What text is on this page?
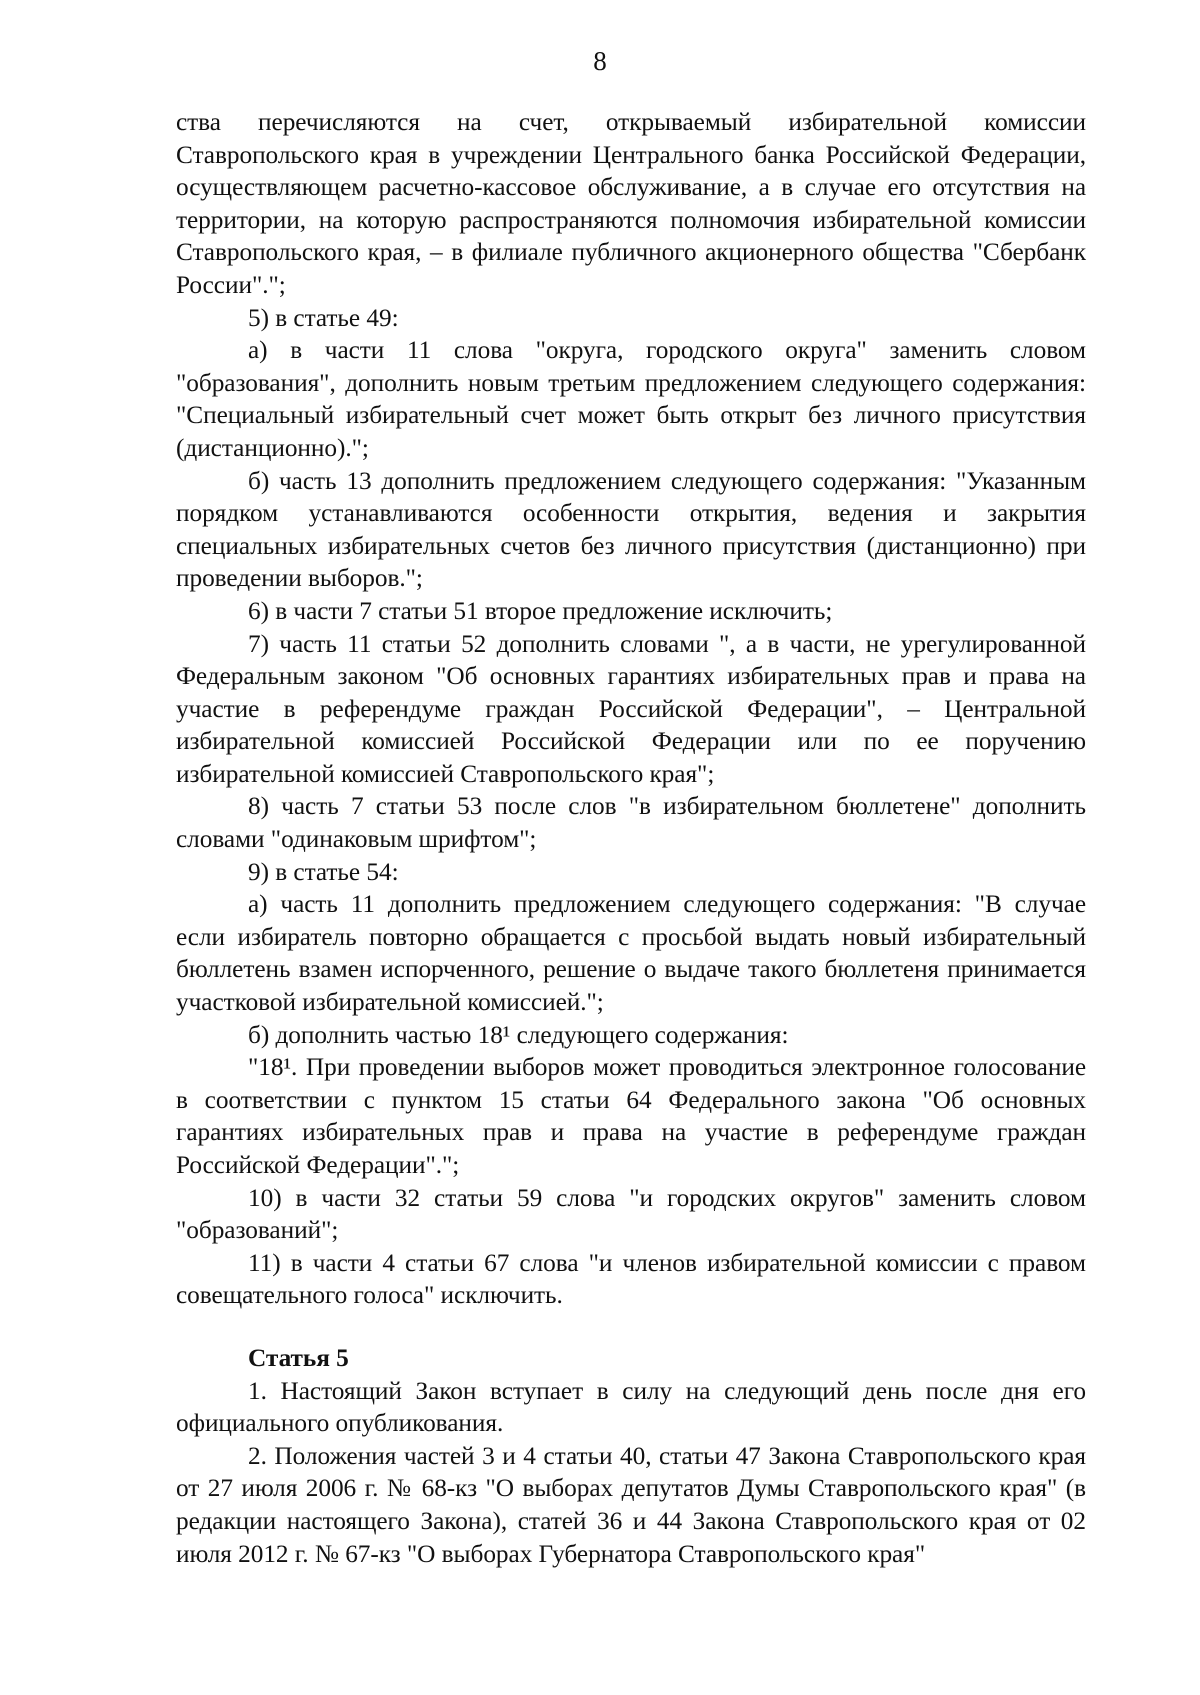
8

ства перечисляются на счет, открываемый избирательной комиссии Ставропольского края в учреждении Центрального банка Российской Федерации, осуществляющем расчетно-кассовое обслуживание, а в случае его отсутствия на территории, на которую распространяются полномочия избирательной комиссии Ставропольского края, – в филиале публичного акционерного общества "Сбербанк России".";

5) в статье 49:

а) в части 11 слова "округа, городского округа" заменить словом "образования", дополнить новым третьим предложением следующего содержания: "Специальный избирательный счет может быть открыт без личного присутствия (дистанционно).";

б) часть 13 дополнить предложением следующего содержания: "Указанным порядком устанавливаются особенности открытия, ведения и закрытия специальных избирательных счетов без личного присутствия (дистанционно) при проведении выборов.";

6) в части 7 статьи 51 второе предложение исключить;

7) часть 11 статьи 52 дополнить словами ", а в части, не урегулированной Федеральным законом "Об основных гарантиях избирательных прав и права на участие в референдуме граждан Российской Федерации", – Центральной избирательной комиссией Российской Федерации или по ее поручению избирательной комиссией Ставропольского края";

8) часть 7 статьи 53 после слов "в избирательном бюллетене" дополнить словами "одинаковым шрифтом";

9) в статье 54:

а) часть 11 дополнить предложением следующего содержания: "В случае если избиратель повторно обращается с просьбой выдать новый избирательный бюллетень взамен испорченного, решение о выдаче такого бюллетеня принимается участковой избирательной комиссией.";

б) дополнить частью 18¹ следующего содержания:

"18¹. При проведении выборов может проводиться электронное голосование в соответствии с пунктом 15 статьи 64 Федерального закона "Об основных гарантиях избирательных прав и права на участие в референдуме граждан Российской Федерации".";

10) в части 32 статьи 59 слова "и городских округов" заменить словом "образований";

11) в части 4 статьи 67 слова "и членов избирательной комиссии с правом совещательного голоса" исключить.

Статья 5

1. Настоящий Закон вступает в силу на следующий день после дня его официального опубликования.

2. Положения частей 3 и 4 статьи 40, статьи 47 Закона Ставропольского края от 27 июля 2006 г. № 68-кз "О выборах депутатов Думы Ставропольского края" (в редакции настоящего Закона), статей 36 и 44 Закона Ставропольского края от 02 июля 2012 г. № 67-кз "О выборах Губернатора Ставропольского края"
